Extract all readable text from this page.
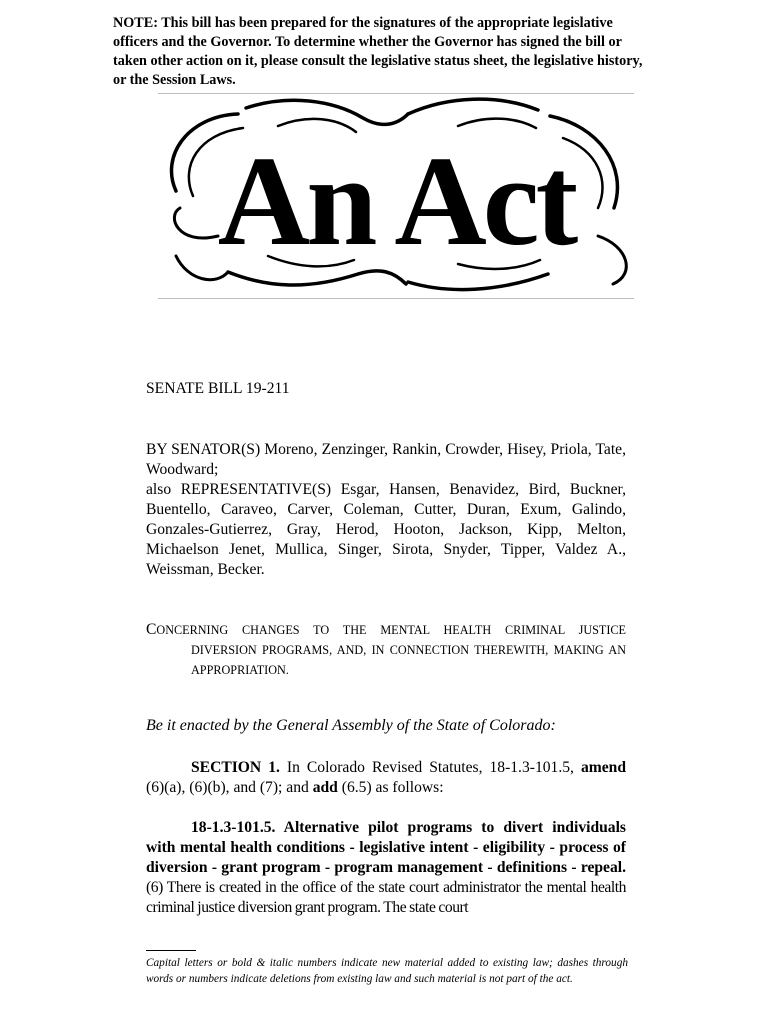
NOTE: This bill has been prepared for the signatures of the appropriate legislative officers and the Governor. To determine whether the Governor has signed the bill or taken other action on it, please consult the legislative status sheet, the legislative history, or the Session Laws.

An Act

SENATE BILL 19-211

BY SENATOR(S) Moreno, Zenzinger, Rankin, Crowder, Hisey, Priola, Tate, Woodward;
also REPRESENTATIVE(S) Esgar, Hansen, Benavidez, Bird, Buckner, Buentello, Caraveo, Carver, Coleman, Cutter, Duran, Exum, Galindo, Gonzales-Gutierrez, Gray, Herod, Hooton, Jackson, Kipp, Melton, Michaelson Jenet, Mullica, Singer, Sirota, Snyder, Tipper, Valdez A., Weissman, Becker.

CONCERNING CHANGES TO THE MENTAL HEALTH CRIMINAL JUSTICE
DIVERSION PROGRAMS, AND, IN CONNECTION THEREWITH, MAKING AN
APPROPRIATION.

Be it enacted by the General Assembly of the State of Colorado:

SECTION 1. In Colorado Revised Statutes, 18-1.3-101.5, amend (6)(a), (6)(b), and (7); and add (6.5) as follows:

18-1.3-101.5. Alternative pilot programs to divert individuals with mental health conditions - legislative intent - eligibility - process of diversion - grant program - program management - definitions - repeal. (6) There is created in the office of the state court administrator the mental health criminal justice diversion grant program. The state court

Capital letters or bold & italic numbers indicate new material added to existing law; dashes through words or numbers indicate deletions from existing law and such material is not part of the act.
